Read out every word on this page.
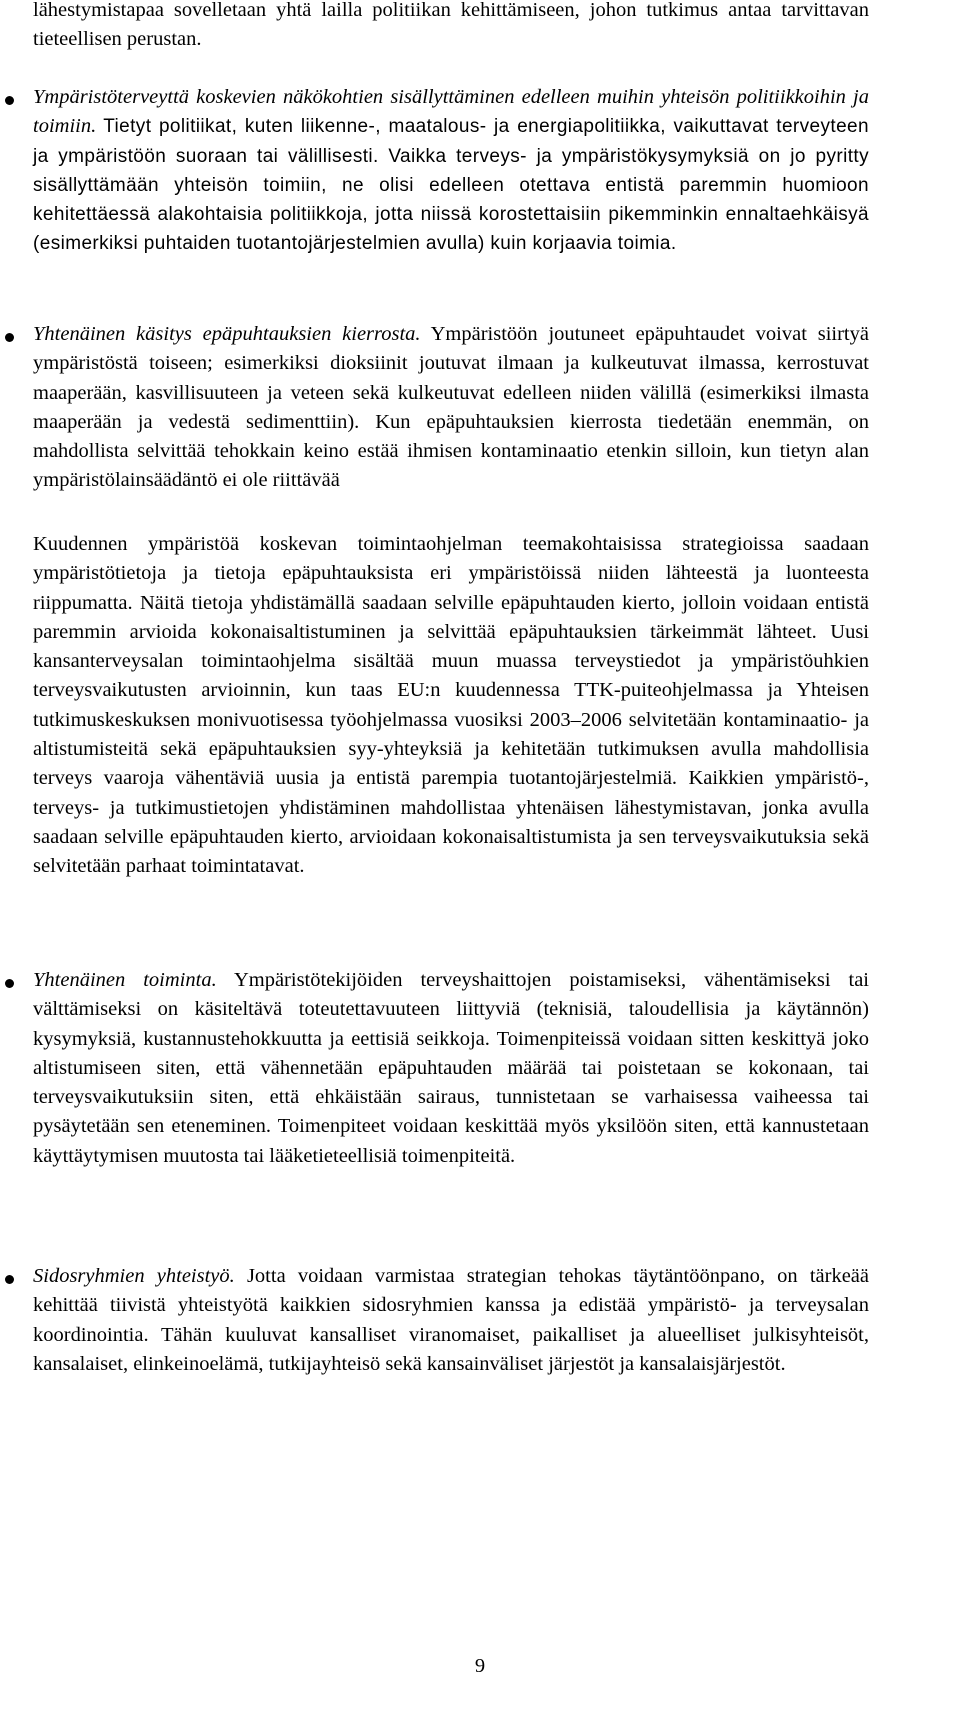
lähestymistapaa sovelletaan yhtä lailla politiikan kehittämiseen, johon tutkimus antaa tarvittavan tieteellisen perustan.

Ympäristöterveyttä koskevien näkökohtien sisällyttäminen edelleen muihin yhteisön politiikkoihin ja toimiin. Tietyt politiikat, kuten liikenne-, maatalous- ja energiapolitiikka, vaikuttavat terveyteen ja ympäristöön suoraan tai välillisesti. Vaikka terveys- ja ympäristökysymyksiä on jo pyritty sisällyttämään yhteisön toimiin, ne olisi edelleen otettava entistä paremmin huomioon kehitettäessä alakohtaisia politiikkoja, jotta niissä korostettaisiin pikemminkin ennaltaehkäisyä (esimerkiksi puhtaiden tuotantojärjestelmien avulla) kuin korjaavia toimia.

Yhtenäinen käsitys epäpuhtauksien kierrosta. Ympäristöön joutuneet epäpuhtaudet voivat siirtyä ympäristöstä toiseen; esimerkiksi dioksiinit joutuvat ilmaan ja kulkeutuvat ilmassa, kerrostuvat maaperään, kasvillisuuteen ja veteen sekä kulkeutuvat edelleen niiden välillä (esimerkiksi ilmasta maaperään ja vedestä sedimenttiin). Kun epäpuhtauksien kierrosta tiedetään enemmän, on mahdollista selvittää tehokkain keino estää ihmisen kontaminaatio etenkin silloin, kun tietyn alan ympäristölainsäädäntö ei ole riittävää

Kuudennen ympäristöä koskevan toimintaohjelman teemakohtaisissa strategioissa saadaan ympäristötietoja ja tietoja epäpuhtauksista eri ympäristöissä niiden lähteestä ja luonteesta riippumatta. Näitä tietoja yhdistämällä saadaan selville epäpuhtauden kierto, jolloin voidaan entistä paremmin arvioida kokonaisaltistuminen ja selvittää epäpuhtauksien tärkeimmät lähteet. Uusi kansanterveysalan toimintaohjelma sisältää muun muassa terveystiedot ja ympäristöuhkien terveysvaikutusten arvioinnin, kun taas EU:n kuudennessa TTK-puiteohjelmassa ja Yhteisen tutkimuskeskuksen monivuotisessa työohjelmassa vuosiksi 2003–2006 selvitetään kontaminaatio- ja altistumisteitä sekä epäpuhtauksien syy-yhteyksiä ja kehitetään tutkimuksen avulla mahdollisia terveys vaaroja vähentäviä uusia ja entistä parempia tuotantojärjestelmiä. Kaikkien ympäristö-, terveys- ja tutkimustietojen yhdistäminen mahdollistaa yhtenäisen lähestymistavan, jonka avulla saadaan selville epäpuhtauden kierto, arvioidaan kokonaisaltistumista ja sen terveysvaikutuksia sekä selvitetään parhaat toimintatavat.

Yhtenäinen toiminta. Ympäristötekijöiden terveyshaittojen poistamiseksi, vähentämiseksi tai välttämiseksi on käsiteltävä toteutettavuuteen liittyviä (teknisiä, taloudellisia ja käytännön) kysymyksiä, kustannustehokkuutta ja eettisiä seikkoja. Toimenpiteissä voidaan sitten keskittyä joko altistumiseen siten, että vähennetään epäpuhtauden määrää tai poistetaan se kokonaan, tai terveysvaikutuksiin siten, että ehkäistään sairaus, tunnistetaan se varhaisessa vaiheessa tai pysäytetään sen eteneminen. Toimenpiteet voidaan keskittää myös yksilöön siten, että kannustetaan käyttäytymisen muutosta tai lääketieteellisiä toimenpiteitä.

Sidosryhmien yhteistyö. Jotta voidaan varmistaa strategian tehokas täytäntöönpano, on tärkeää kehittää tiivistä yhteistyötä kaikkien sidosryhmien kanssa ja edistää ympäristö- ja terveysalan koordinointia. Tähän kuuluvat kansalliset viranomaiset, paikalliset ja alueelliset julkisyhteisöt, kansalaiset, elinkeinoelämä, tutkijayhteisö sekä kansainväliset järjestöt ja kansalaisjärjestöt.

9
